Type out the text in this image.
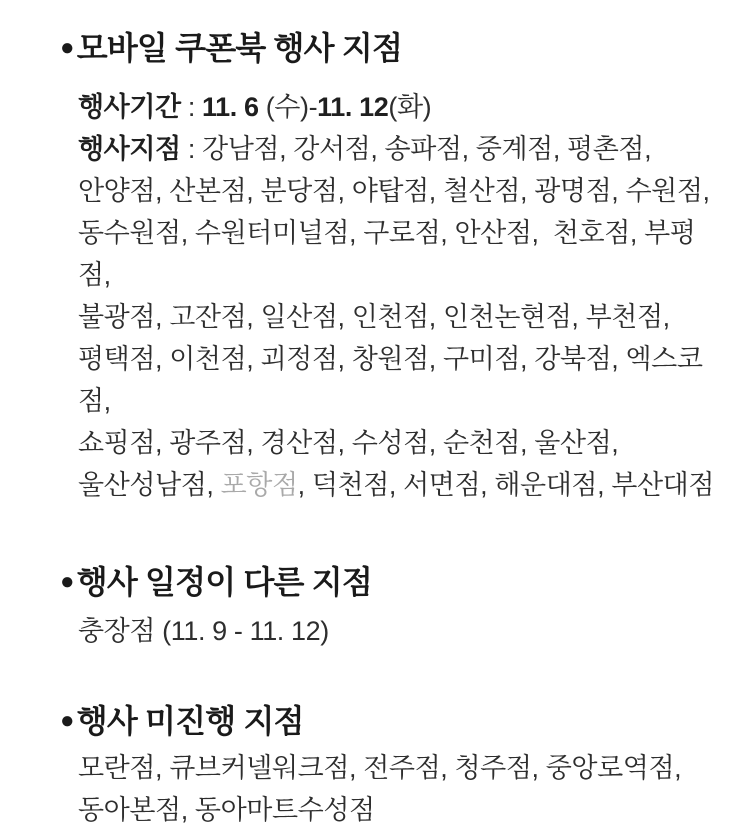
● 모바일 쿠폰북 행사 지점
행사기간 : 11. 6 (수)-11. 12(화)
행사지점 : 강남점, 강서점, 송파점, 중계점, 평촌점,
안양점, 산본점, 분당점, 야탑점, 철산점, 광명점, 수원점,
동수원점, 수원터미널점, 구로점, 안산점,  천호점, 부평점,
불광점, 고잔점, 일산점, 인천점, 인천논현점, 부천점,
평택점, 이천점, 괴정점, 창원점, 구미점, 강북점, 엑스코점,
쇼핑점, 광주점, 경산점, 수성점, 순천점, 울산점,
울산성남점, 포항점, 덕천점, 서면점, 해운대점, 부산대점
● 행사 일정이 다른 지점
충장점 (11. 9 - 11. 12)
● 행사 미진행 지점
모란점, 큐브커넬워크점, 전주점, 청주점, 중앙로역점,
동아본점, 동아마트수성점
